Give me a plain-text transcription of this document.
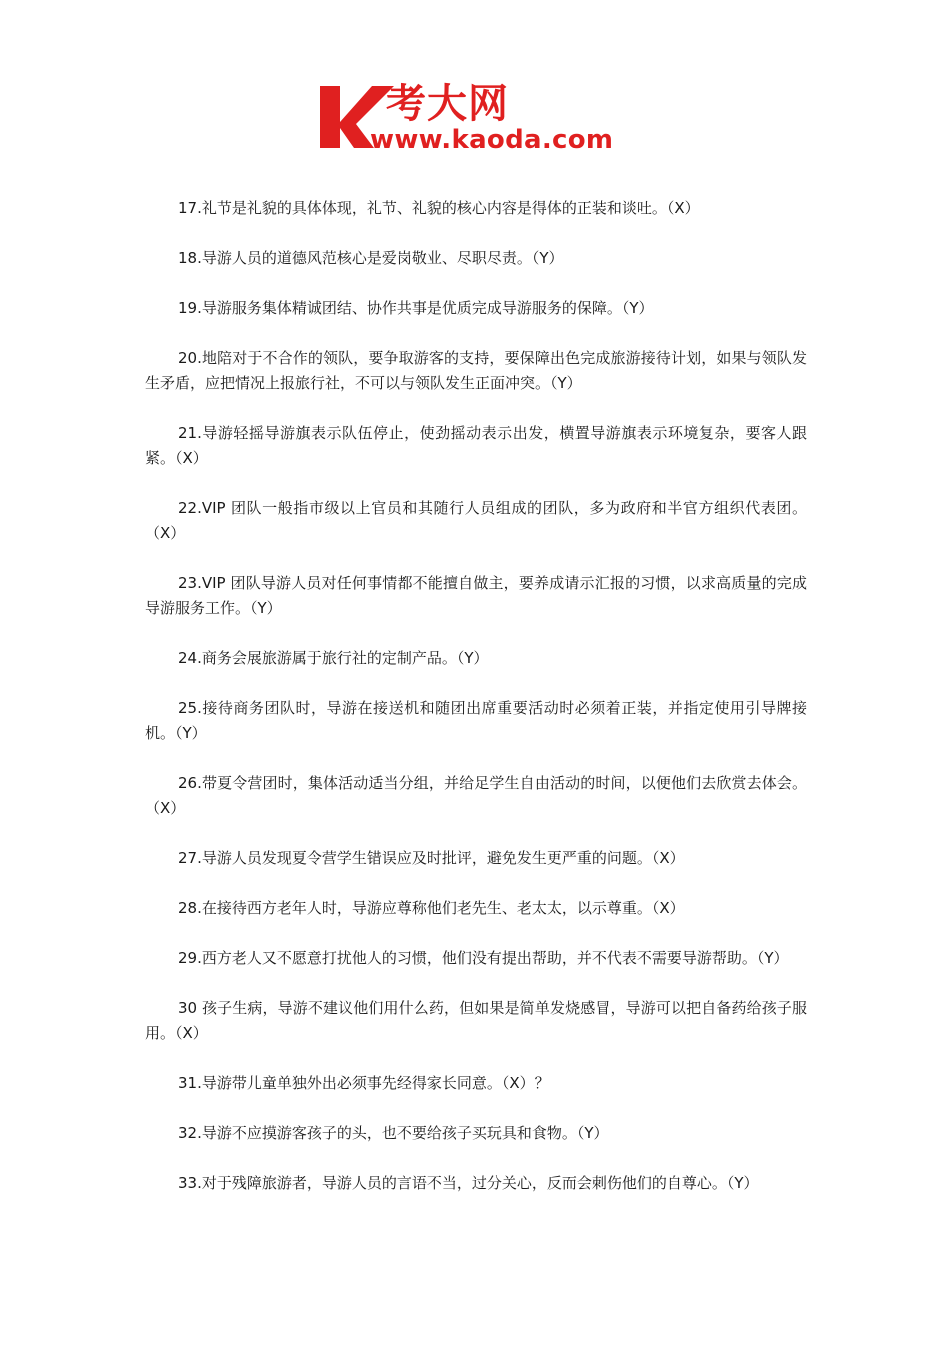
考大网
www.kaoda.com

17.礼节是礼貌的具体体现，礼节、礼貌的核心内容是得体的正装和谈吐。（X）

18.导游人员的道德风范核心是爱岗敬业、尽职尽责。（Y）

19.导游服务集体精诚团结、协作共事是优质完成导游服务的保障。（Y）

20.地陪对于不合作的领队，要争取游客的支持，要保障出色完成旅游接待计划，如果与领队发生矛盾，应把情况上报旅行社，不可以与领队发生正面冲突。（Y）

21.导游轻摇导游旗表示队伍停止，使劲摇动表示出发，横置导游旗表示环境复杂，要客人跟紧。（X）

22.VIP 团队一般指市级以上官员和其随行人员组成的团队，多为政府和半官方组织代表团。（X）

23.VIP 团队导游人员对任何事情都不能擅自做主，要养成请示汇报的习惯，以求高质量的完成导游服务工作。（Y）

24.商务会展旅游属于旅行社的定制产品。（Y）

25.接待商务团队时，导游在接送机和随团出席重要活动时必须着正装，并指定使用引导牌接机。（Y）

26.带夏令营团时，集体活动适当分组，并给足学生自由活动的时间，以便他们去欣赏去体会。（X）

27.导游人员发现夏令营学生错误应及时批评，避免发生更严重的问题。（X）

28.在接待西方老年人时，导游应尊称他们老先生、老太太，以示尊重。（X）

29.西方老人又不愿意打扰他人的习惯，他们没有提出帮助，并不代表不需要导游帮助。（Y）

30 孩子生病，导游不建议他们用什么药，但如果是简单发烧感冒，导游可以把自备药给孩子服用。（X）

31.导游带儿童单独外出必须事先经得家长同意。（X）？

32.导游不应摸游客孩子的头，也不要给孩子买玩具和食物。（Y）

33.对于残障旅游者，导游人员的言语不当，过分关心，反而会刺伤他们的自尊心。（Y）
